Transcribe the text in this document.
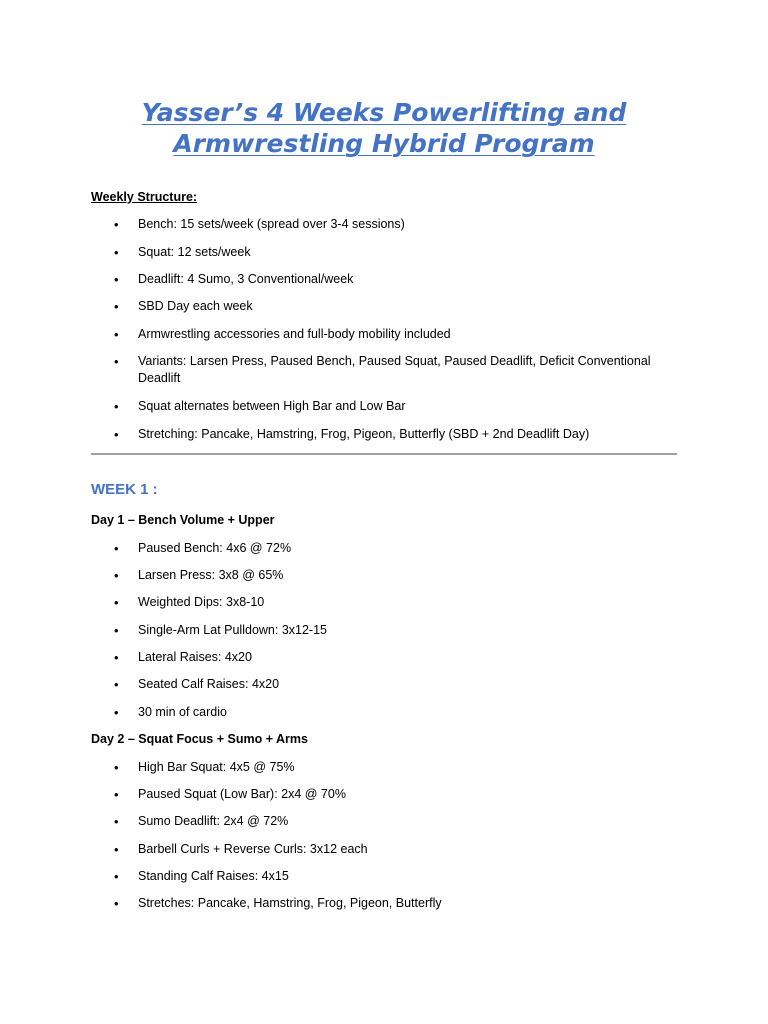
Yasser’s 4 Weeks Powerlifting and
Armwrestling Hybrid Program

Weekly Structure:

• Bench: 15 sets/week (spread over 3-4 sessions)
• Squat: 12 sets/week
• Deadlift: 4 Sumo, 3 Conventional/week
• SBD Day each week
• Armwrestling accessories and full-body mobility included
• Variants: Larsen Press, Paused Bench, Paused Squat, Paused Deadlift, Deficit Conventional Deadlift
• Squat alternates between High Bar and Low Bar
• Stretching: Pancake, Hamstring, Frog, Pigeon, Butterfly (SBD + 2nd Deadlift Day)

WEEK 1 :

Day 1 – Bench Volume + Upper

• Paused Bench: 4x6 @ 72%
• Larsen Press: 3x8 @ 65%
• Weighted Dips: 3x8-10
• Single-Arm Lat Pulldown: 3x12-15
• Lateral Raises: 4x20
• Seated Calf Raises: 4x20
• 30 min of cardio

Day 2 – Squat Focus + Sumo + Arms

• High Bar Squat: 4x5 @ 75%
• Paused Squat (Low Bar): 2x4 @ 70%
• Sumo Deadlift: 2x4 @ 72%
• Barbell Curls + Reverse Curls: 3x12 each
• Standing Calf Raises: 4x15
• Stretches: Pancake, Hamstring, Frog, Pigeon, Butterfly
